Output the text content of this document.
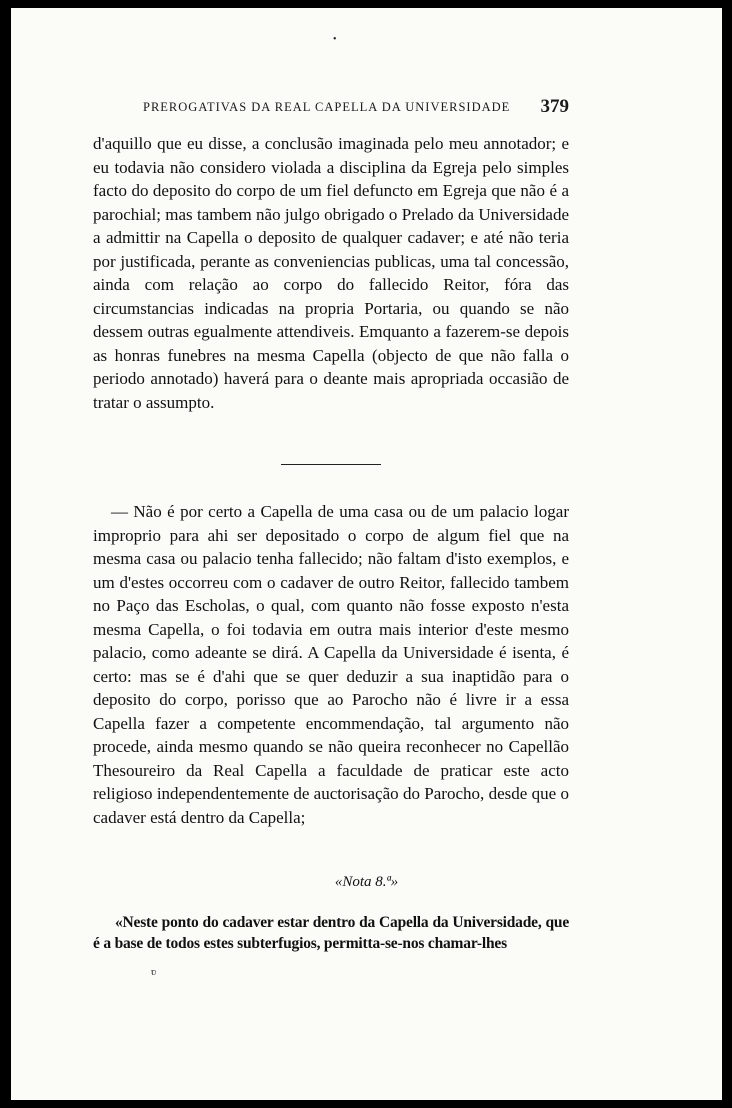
•
PREROGATIVAS DA REAL CAPELLA DA UNIVERSIDADE 379

d'aquillo que eu disse, a conclusão imaginada pelo meu annotador; e eu todavia não considero violada a disciplina da Egreja pelo simples facto do deposito do corpo de um fiel defuncto em Egreja que não é a parochial; mas tambem não julgo obrigado o Prelado da Universidade a admittir na Capella o deposito de qualquer cadaver; e até não teria por justificada, perante as conveniencias publicas, uma tal concessão, ainda com relação ao corpo do fallecido Reitor, fóra das circumstancias indicadas na propria Portaria, ou quando se não dessem outras egualmente attendiveis. Emquanto a fazerem-se depois as honras funebres na mesma Capella (objecto de que não falla o periodo annotado) haverá para o deante mais apropriada occasião de tratar o assumpto.

— Não é por certo a Capella de uma casa ou de um palacio logar improprio para ahi ser depositado o corpo de algum fiel que na mesma casa ou palacio tenha fallecido; não faltam d'isto exemplos, e um d'estes occorreu com o cadaver de outro Reitor, fallecido tambem no Paço das Escholas, o qual, com quanto não fosse exposto n'esta mesma Capella, o foi todavia em outra mais interior d'este mesmo palacio, como adeante se dirá. A Capella da Universidade é isenta, é certo: mas se é d'ahi que se quer deduzir a sua inaptidão para o deposito do corpo, porisso que ao Parocho não é livre ir a essa Capella fazer a competente encommendação, tal argumento não procede, ainda mesmo quando se não queira reconhecer no Capellão Thesoureiro da Real Capella a faculdade de praticar este acto religioso independentemente de auctorisação do Parocho, desde que o cadaver está dentro da Capella;

«Nota 8.ª»

«Neste ponto do cadaver estar dentro da Capella da Universidade, que é a base de todos estes subterfugios, permitta-se-nos chamar-lhes

ʋ
